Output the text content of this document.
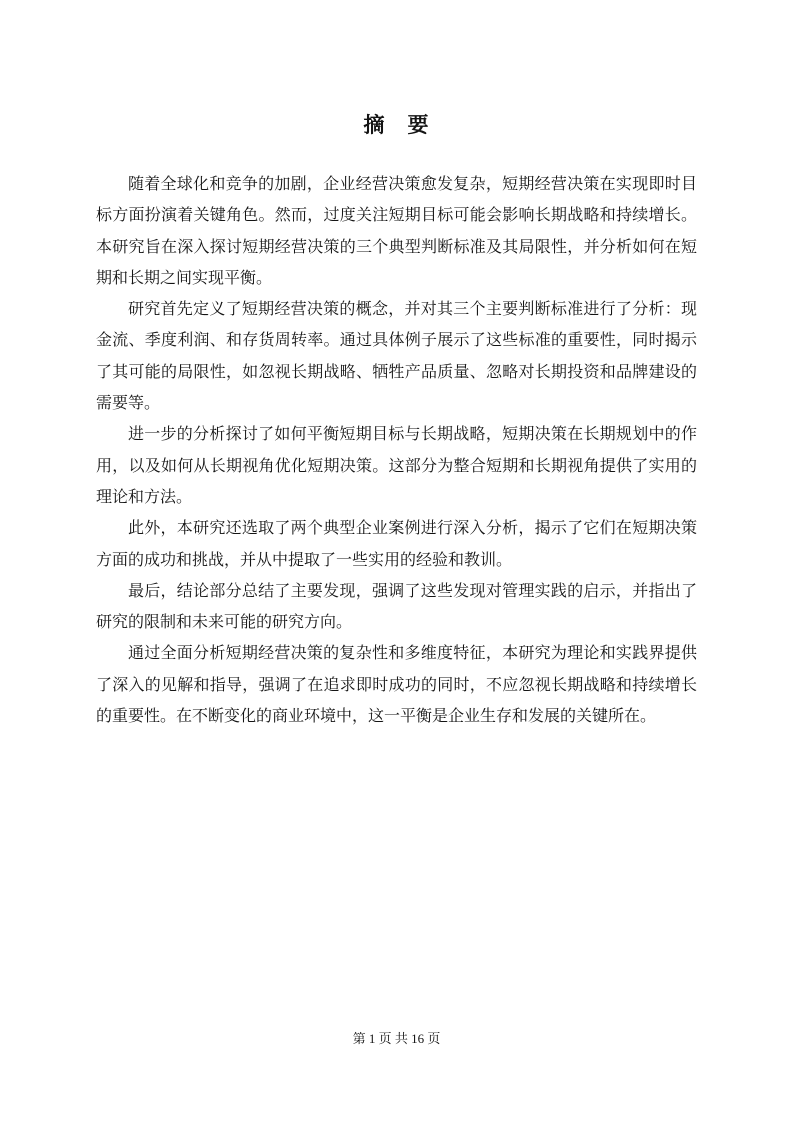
摘　要

随着全球化和竞争的加剧，企业经营决策愈发复杂，短期经营决策在实现即时目标方面扮演着关键角色。然而，过度关注短期目标可能会影响长期战略和持续增长。本研究旨在深入探讨短期经营决策的三个典型判断标准及其局限性，并分析如何在短期和长期之间实现平衡。

研究首先定义了短期经营决策的概念，并对其三个主要判断标准进行了分析：现金流、季度利润、和存货周转率。通过具体例子展示了这些标准的重要性，同时揭示了其可能的局限性，如忽视长期战略、牺牲产品质量、忽略对长期投资和品牌建设的需要等。

进一步的分析探讨了如何平衡短期目标与长期战略，短期决策在长期规划中的作用，以及如何从长期视角优化短期决策。这部分为整合短期和长期视角提供了实用的理论和方法。

此外，本研究还选取了两个典型企业案例进行深入分析，揭示了它们在短期决策方面的成功和挑战，并从中提取了一些实用的经验和教训。

最后，结论部分总结了主要发现，强调了这些发现对管理实践的启示，并指出了研究的限制和未来可能的研究方向。

通过全面分析短期经营决策的复杂性和多维度特征，本研究为理论和实践界提供了深入的见解和指导，强调了在追求即时成功的同时，不应忽视长期战略和持续增长的重要性。在不断变化的商业环境中，这一平衡是企业生存和发展的关键所在。

第 1 页 共 16 页
